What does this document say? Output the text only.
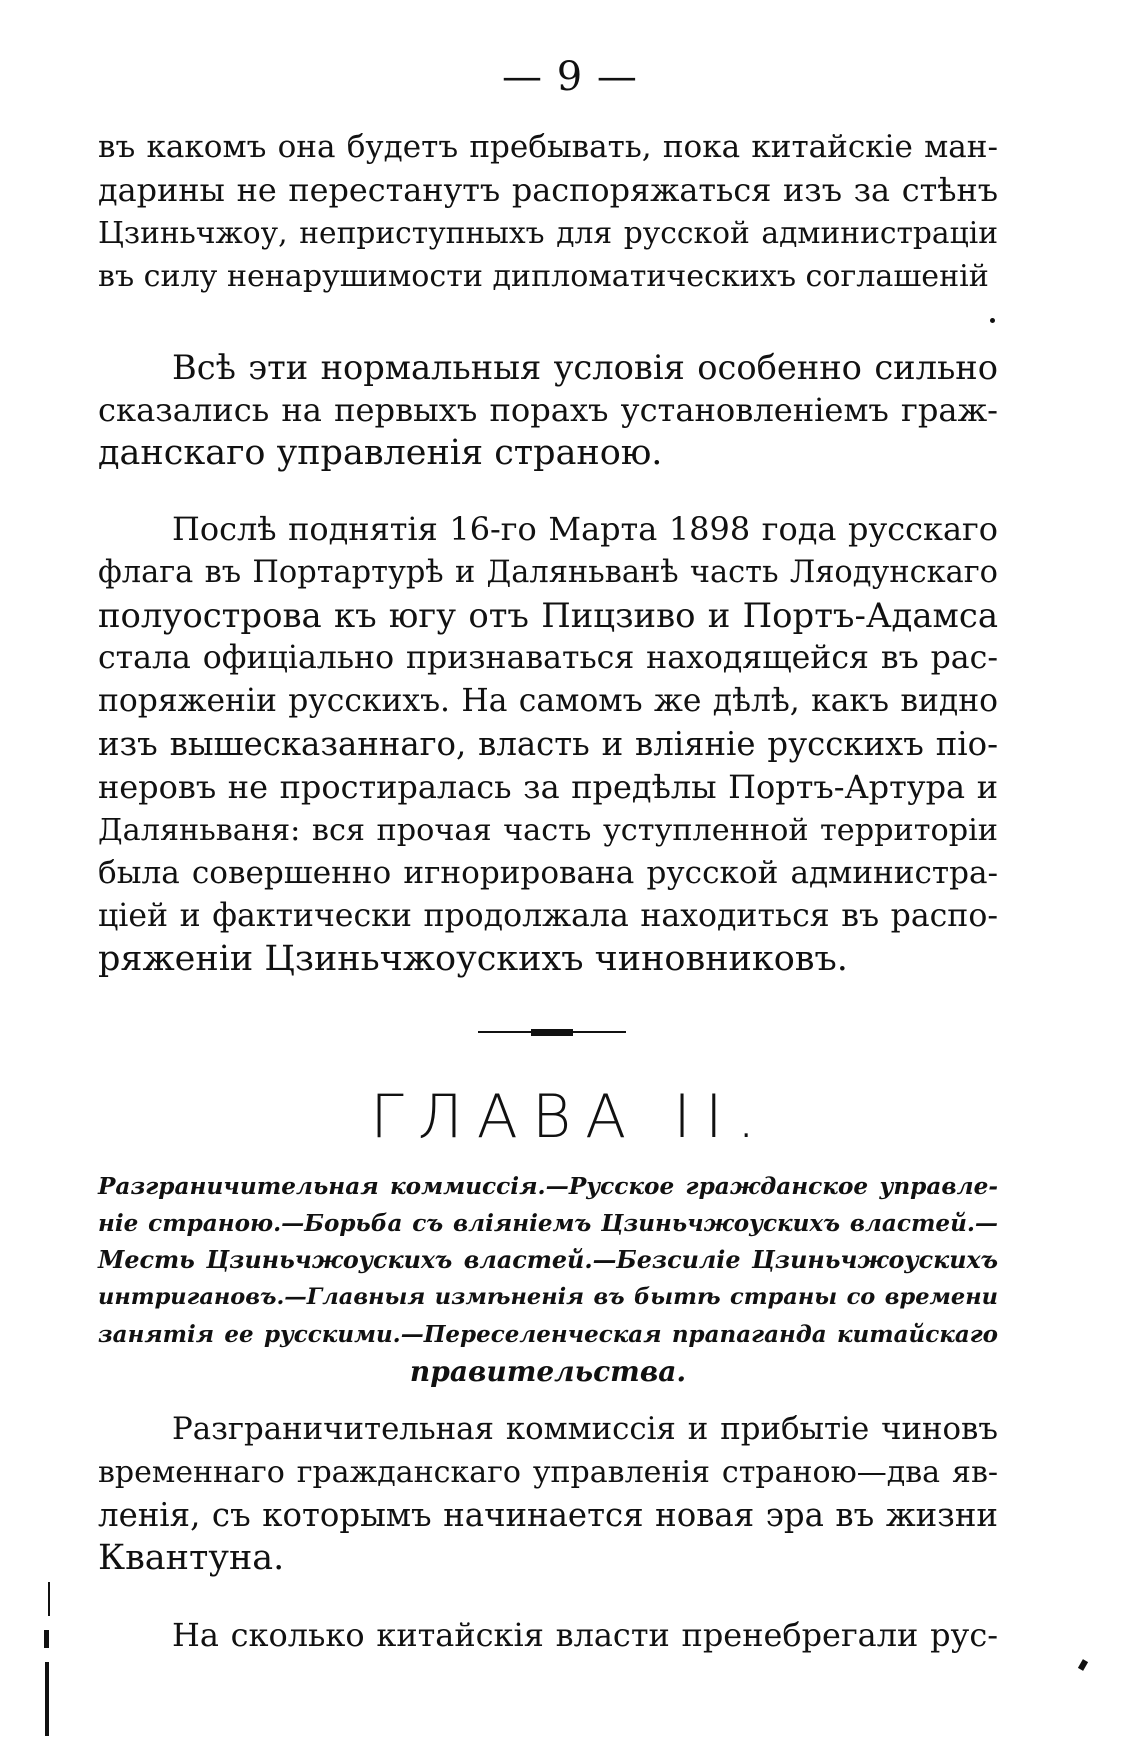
— 9 —
въ какомъ она будетъ пребывать, пока китайскіе ман-
дарины не перестанутъ распоряжаться изъ за стѣнъ
Цзиньчжоу, неприступныхъ для русской администраціи
въ силу ненарушимости дипломатическихъ соглашеній
Всѣ эти нормальныя условія особенно сильно
сказались на первыхъ порахъ установленіемъ граж-
данскаго управленія страною.
Послѣ поднятія 16-го Марта 1898 года русскаго
флага въ Портартурѣ и Даляньванѣ часть Ляодунскаго
полуострова къ югу отъ Пицзиво и Портъ-Адамса
стала офиціально признаваться находящейся въ рас-
поряженіи русскихъ. На самомъ же дѣлѣ, какъ видно
изъ вышесказаннаго, власть и вліяніе русскихъ піо-
неровъ не простиралась за предѣлы Портъ-Артура и
Даляньваня: вся прочая часть уступленной территоріи
была совершенно игнорирована русской администра-
ціей и фактически продолжала находиться въ распо-
ряженіи Цзиньчжоускихъ чиновниковъ.
ГЛАВА II.
Разграничительная коммиссія.—Русское гражданское управле-
ніе страною.—Борьба съ вліяніемъ Цзиньчжоускихъ властей.—
Месть Цзиньчжоускихъ властей.—Безсиліе Цзиньчжоускихъ
интригановъ.—Главныя измѣненія въ бытѣ страны со времени
занятія ее русскими.—Переселенческая прапаганда китайскаго
правительства.
Разграничительная коммиссія и прибытіе чиновъ
временнаго гражданскаго управленія страною—два яв-
ленія, съ которымъ начинается новая эра въ жизни
Квантуна.
На сколько китайскія власти пренебрегали рус-
